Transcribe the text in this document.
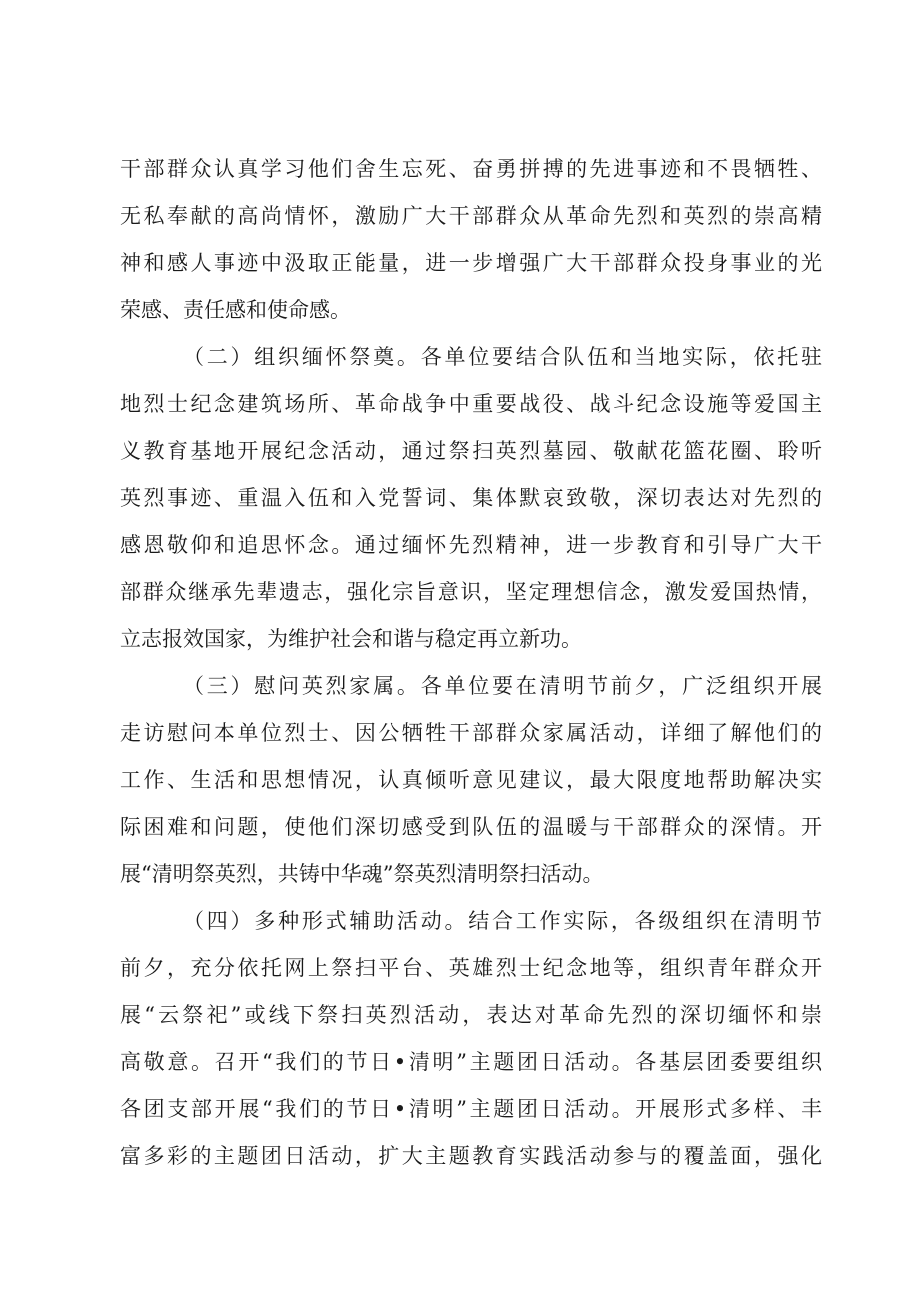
干部群众认真学习他们舍生忘死、奋勇拼搏的先进事迹和不畏牺牲、
无私奉献的高尚情怀，激励广大干部群众从革命先烈和英烈的崇高精
神和感人事迹中汲取正能量，进一步增强广大干部群众投身事业的光
荣感、责任感和使命感。
（二）组织缅怀祭奠。各单位要结合队伍和当地实际，依托驻
地烈士纪念建筑场所、革命战争中重要战役、战斗纪念设施等爱国主
义教育基地开展纪念活动，通过祭扫英烈墓园、敬献花篮花圈、聆听
英烈事迹、重温入伍和入党誓词、集体默哀致敬，深切表达对先烈的
感恩敬仰和追思怀念。通过缅怀先烈精神，进一步教育和引导广大干
部群众继承先辈遗志，强化宗旨意识，坚定理想信念，激发爱国热情，
立志报效国家，为维护社会和谐与稳定再立新功。
（三）慰问英烈家属。各单位要在清明节前夕，广泛组织开展
走访慰问本单位烈士、因公牺牲干部群众家属活动，详细了解他们的
工作、生活和思想情况，认真倾听意见建议，最大限度地帮助解决实
际困难和问题，使他们深切感受到队伍的温暖与干部群众的深情。开
展“清明祭英烈，共铸中华魂”祭英烈清明祭扫活动。
（四）多种形式辅助活动。结合工作实际，各级组织在清明节
前夕，充分依托网上祭扫平台、英雄烈士纪念地等，组织青年群众开
展“云祭祀”或线下祭扫英烈活动，表达对革命先烈的深切缅怀和崇
高敬意。召开“我们的节日•清明”主题团日活动。各基层团委要组织
各团支部开展“我们的节日•清明”主题团日活动。开展形式多样、丰
富多彩的主题团日活动，扩大主题教育实践活动参与的覆盖面，强化
